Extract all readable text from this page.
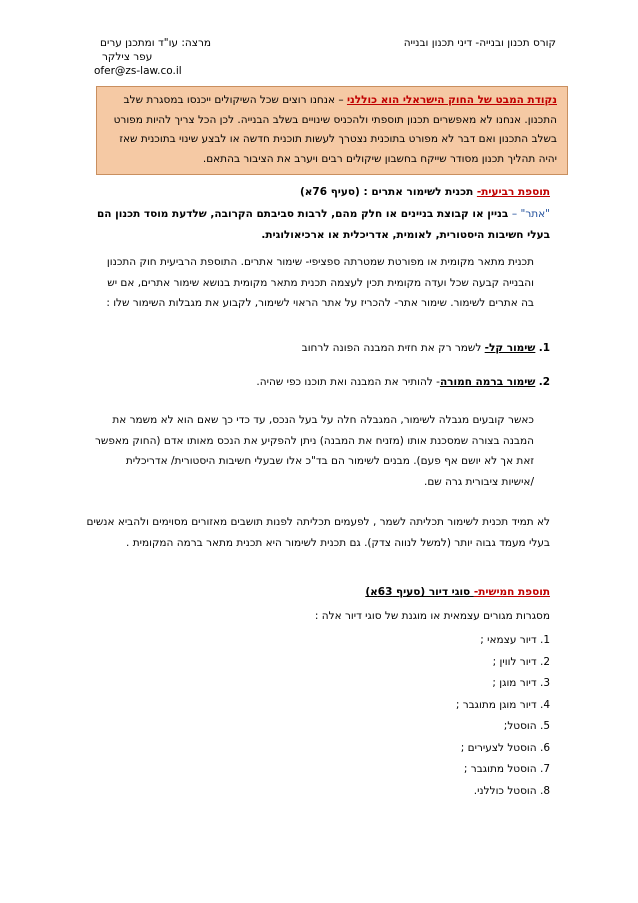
קורס תכנון ובנייה- דיני תכנון ובנייה
מרצה: עו"ד ומתכנן ערים
עפר צילקר
ofer@zs-law.co.il
נקודת המבט של החוק הישראלי הוא כוללני – אנחנו רוצים שכל השיקולים ייכנסו במסגרת שלב התכנון. אנחנו לא מאפשרים תכנון תוספתי ולהכניס שינויים בשלב הבנייה. לכן הכל צריך להיות מפורט בשלב התכנון ואם דבר לא מפורט בתוכנית נצטרך לעשות תוכנית חדשה או לבצע שינוי בתוכנית שאז יהיה תהליך תכנון מסודר שייקח בחשבון שיקולים רבים ויערב את הציבור בהתאם.
תוספת רביעית- תכנית לשימור אתרים : (סעיף 76א)
"אתר" – בניין או קבוצת בניינים או חלק מהם, לרבות סביבתם הקרובה, שלדעת מוסד תכנון הם בעלי חשיבות היסטורית, לאומית, אדריכלית או ארכיאולוגית.
תכנית מתאר מקומית או מפורטת שמטרתה ספציפי- שימור אתרים. התוספת הרביעית חוק התכנון והבנייה קבעה שכל ועדה מקומית תכין לעצמה תכנית מתאר מקומית בנושא שימור אתרים, אם יש בה אתרים לשימור. שימור אתר- להכריז על אתר הראוי לשימור, לקבוע את מגבלות השימור שלו :
1. שימור קל- לשמר רק את חזית המבנה הפונה לרחוב
2. שימור ברמה חמורה- להותיר את המבנה ואת תוכנו כפי שהיה.
כאשר קובעים מגבלה לשימור, המגבלה חלה על בעל הנכס, עד כדי כך שאם הוא לא משמר את המבנה בצורה שמסכנת אותו (מזניח את המבנה) ניתן להפקיע את הנכס מאותו אדם (החוק מאפשר זאת אך לא יושם אף פעם). מבנים לשימור הם בד"כ אלו שבעלי חשיבות היסטורית/ אדריכלית /אישיות ציבורית גרה שם.
לא תמיד תכנית לשימור תכליתה לשמר , לפעמים תכליתה לפנות תושבים מאזורים מסוימים ולהביא אנשים בעלי מעמד גבוה יותר (למשל לנווה צדק). גם תכנית לשימור היא תכנית מתאר ברמה המקומית .
תוספת חמישית- סוגי דיור (סעיף 63א)
מסגרות מגורים עצמאית או מוגנת של סוגי דיור אלה :
1. דיור עצמאי ;
2. דיור לווין ;
3. דיור מוגן ;
4. דיור מוגן מתוגבר ;
5. הוסטל;
6. הוסטל לצעירים ;
7. הוסטל מתוגבר ;
8. הוסטל כוללני.
